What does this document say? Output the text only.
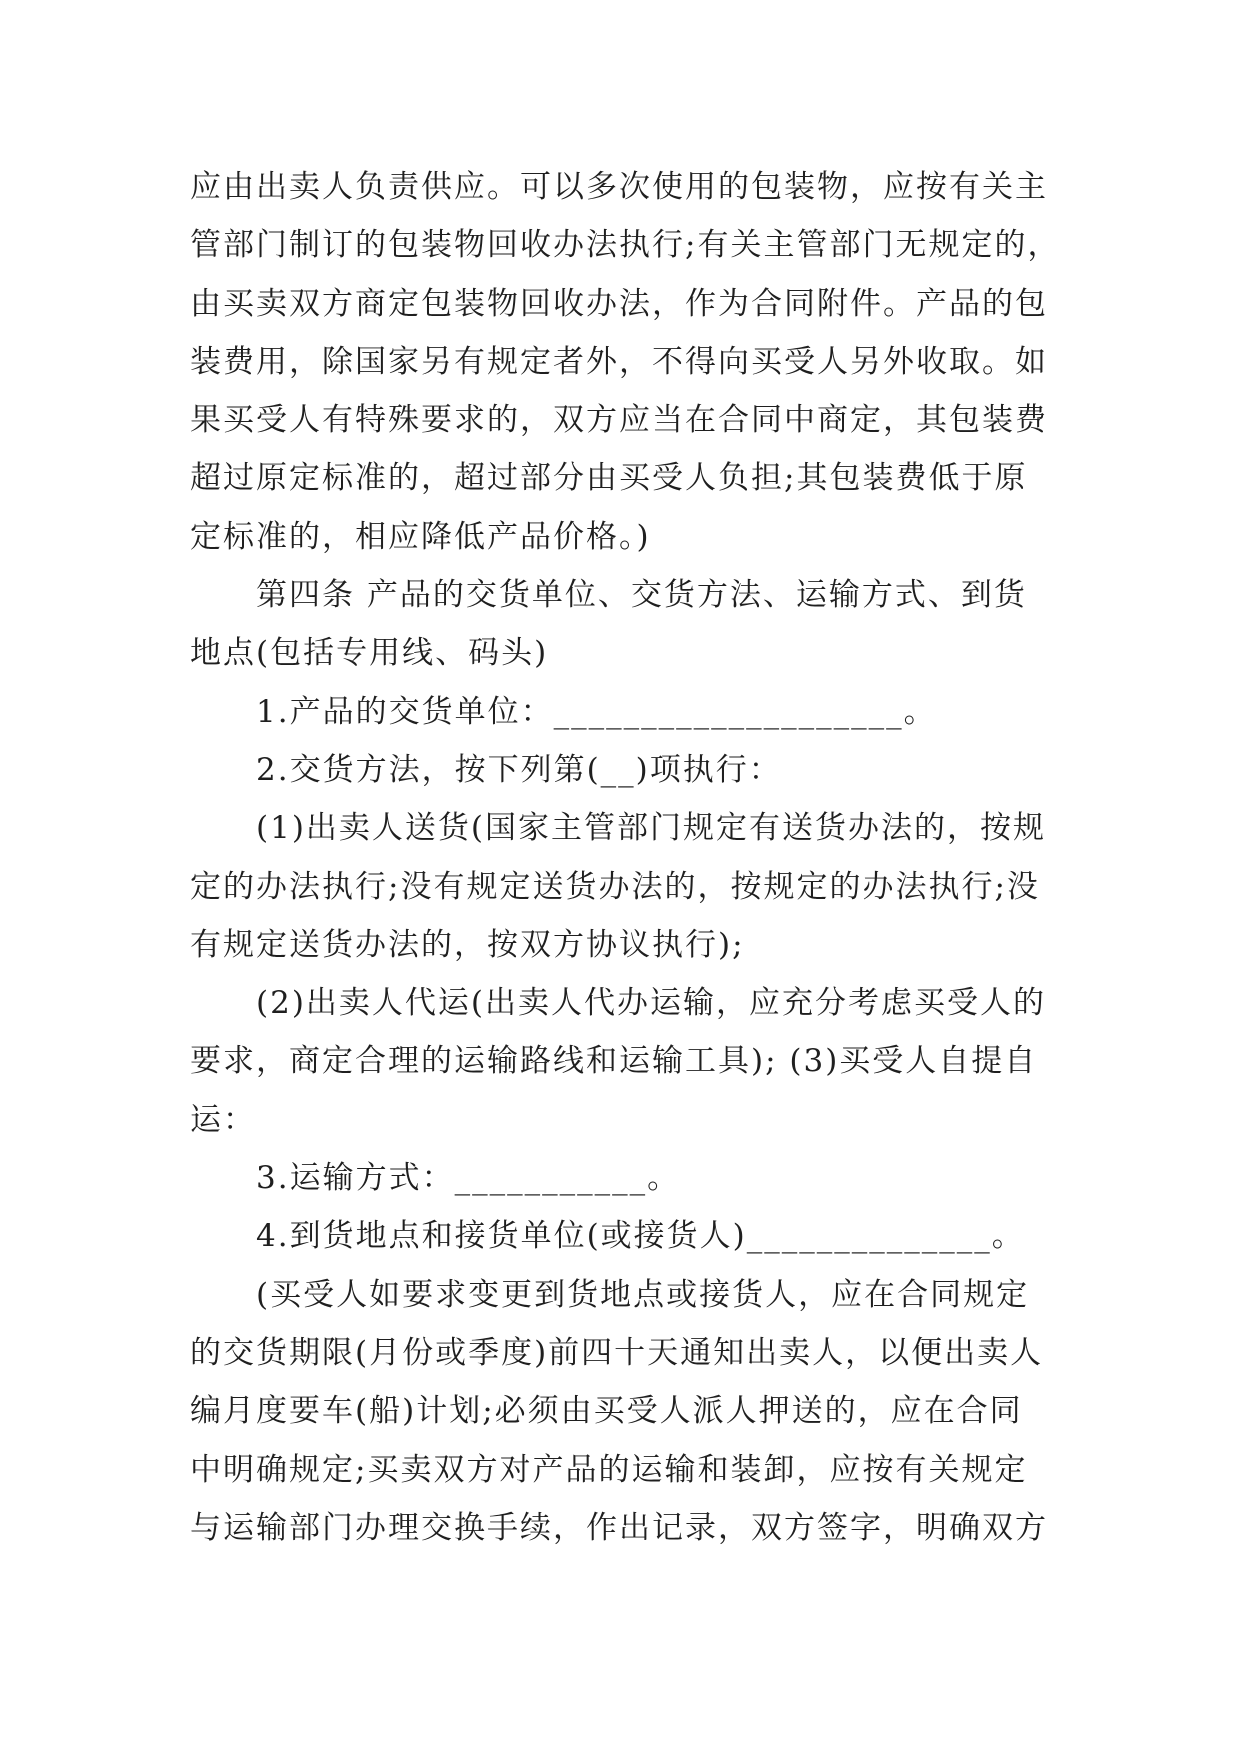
应由出卖人负责供应。可以多次使用的包装物，应按有关主
管部门制订的包装物回收办法执行;有关主管部门无规定的，
由买卖双方商定包装物回收办法，作为合同附件。产品的包
装费用，除国家另有规定者外，不得向买受人另外收取。如
果买受人有特殊要求的，双方应当在合同中商定，其包装费
超过原定标准的，超过部分由买受人负担;其包装费低于原
定标准的，相应降低产品价格。)
第四条 产品的交货单位、交货方法、运输方式、到货
地点(包括专用线、码头)
1.产品的交货单位：____________________。
2.交货方法，按下列第(__)项执行：
(1)出卖人送货(国家主管部门规定有送货办法的，按规
定的办法执行;没有规定送货办法的，按规定的办法执行;没
有规定送货办法的，按双方协议执行);
(2)出卖人代运(出卖人代办运输，应充分考虑买受人的
要求，商定合理的运输路线和运输工具); (3)买受人自提自
运：
3.运输方式：___________。
4.到货地点和接货单位(或接货人)______________。
(买受人如要求变更到货地点或接货人，应在合同规定
的交货期限(月份或季度)前四十天通知出卖人，以便出卖人
编月度要车(船)计划;必须由买受人派人押送的，应在合同
中明确规定;买卖双方对产品的运输和装卸，应按有关规定
与运输部门办理交换手续，作出记录，双方签字，明确双方
